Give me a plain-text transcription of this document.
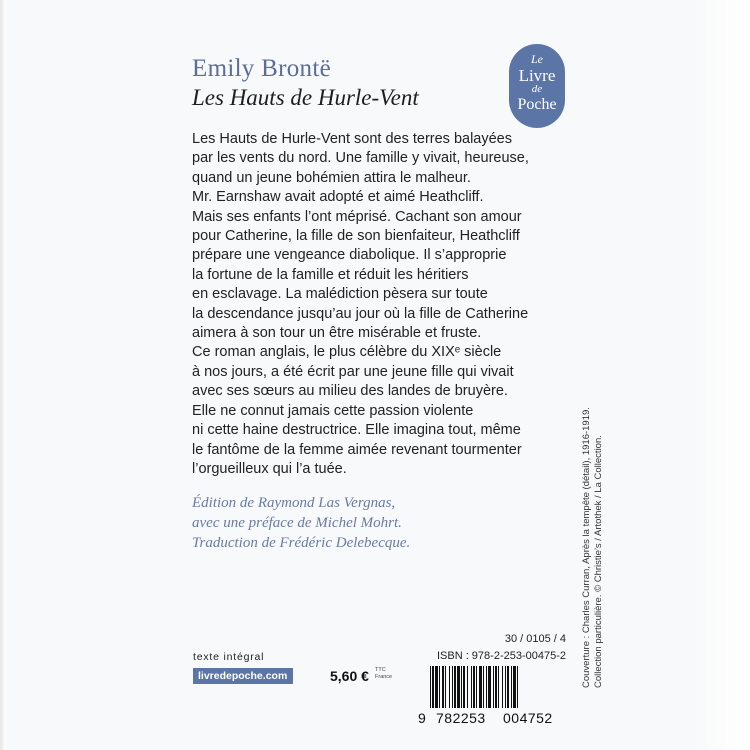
Emily Brontë
Les Hauts de Hurle-Vent
Le
Livre
de
Poche
Les Hauts de Hurle-Vent sont des terres balayées
par les vents du nord. Une famille y vivait, heureuse,
quand un jeune bohémien attira le malheur.
Mr. Earnshaw avait adopté et aimé Heathcliff.
Mais ses enfants l’ont méprisé. Cachant son amour
pour Catherine, la fille de son bienfaiteur, Heathcliff
prépare une vengeance diabolique. Il s’approprie
la fortune de la famille et réduit les héritiers
en esclavage. La malédiction pèsera sur toute
la descendance jusqu’au jour où la fille de Catherine
aimera à son tour un être misérable et fruste.
Ce roman anglais, le plus célèbre du XIXᵉ siècle
à nos jours, a été écrit par une jeune fille qui vivait
avec ses sœurs au milieu des landes de bruyère.
Elle ne connut jamais cette passion violente
ni cette haine destructrice. Elle imagina tout, même
le fantôme de la femme aimée revenant tourmenter
l’orgueilleux qui l’a tuée.
Édition de Raymond Las Vergnas,
avec une préface de Michel Mohrt.
Traduction de Frédéric Delebecque.	Couverture : Charles Curran, Après la tempête (détail), 1916-1919. Collection particulière. © Christie’s / Artothek / La Collection.
texte intégral
livredepoche.com	5,60 € TTC
France
30 / 0105 / 4
ISBN : 978-2-253-00475-2
9 782253 004752
